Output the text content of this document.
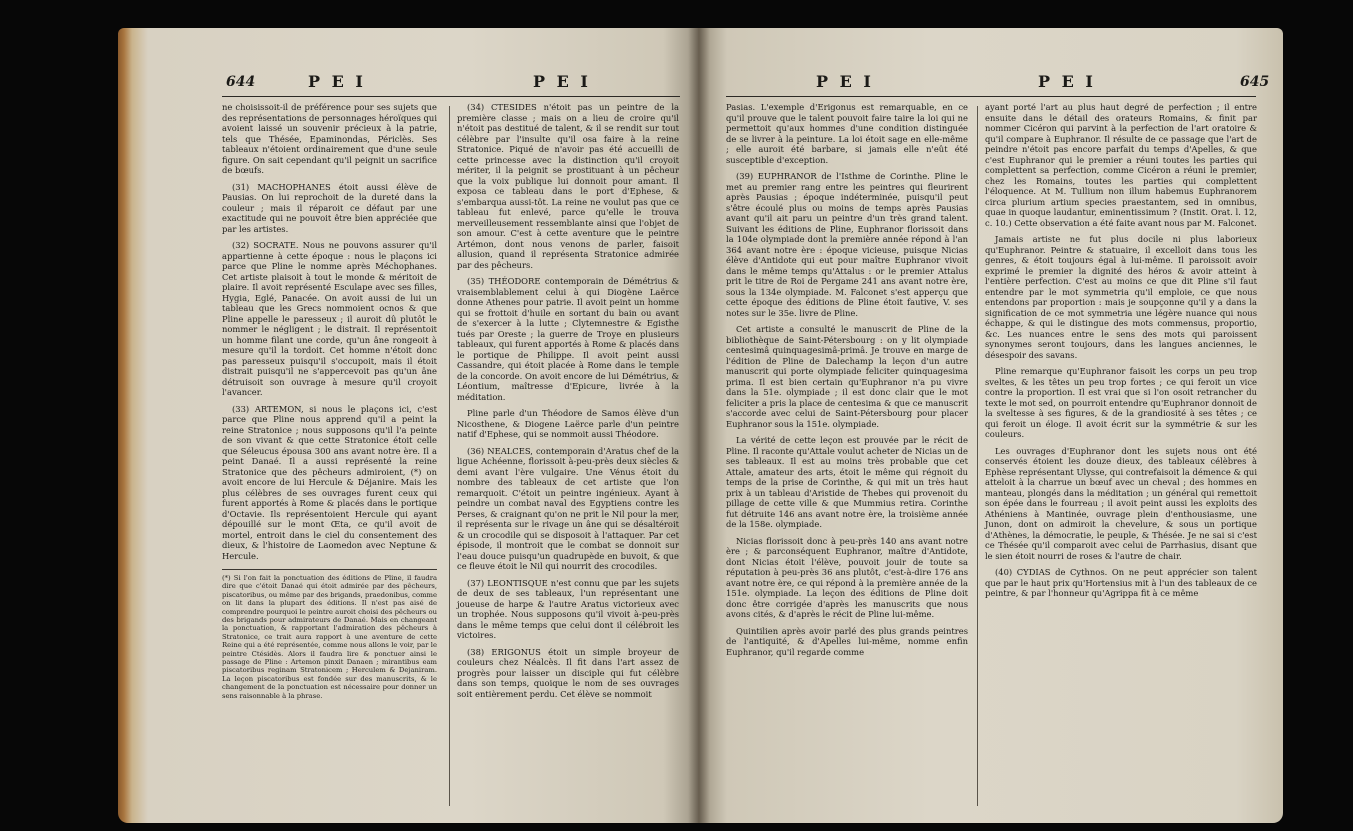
644	P E I	P E I

ne choisissoit-il de préférence pour ses sujets que des représentations de personnages héroïques qui avoient laissé un souvenir précieux à la patrie, tels que Thésée, Epaminondas, Périclès. Ses tableaux n'étoient ordinairement que d'une seule figure. On sait cependant qu'il peignit un sacrifice de bœufs.

(31) MACHOPHANES étoit aussi élève de Pausias. On lui reprochoit de la dureté dans la couleur ; mais il réparoit ce défaut par une exactitude qui ne pouvoit être bien appréciée que par les artistes.

(32) SOCRATE. Nous ne pouvons assurer qu'il appartienne à cette époque : nous le plaçons ici parce que Pline le nomme après Méchophanes. Cet artiste plaisoit à tout le monde & méritoit de plaire. Il avoit représenté Esculape avec ses filles, Hygia, Eglé, Panacée. On avoit aussi de lui un tableau que les Grecs nommoient ocnos & que Pline appelle le paresseux ; il auroit dû plutôt le nommer le négligent ; le distrait. Il représentoit un homme filant une corde, qu'un âne rongeoit à mesure qu'il la tordoit. Cet homme n'étoit donc pas paresseux puisqu'il s'occupoit, mais il étoit distrait puisqu'il ne s'appercevoit pas qu'un âne détruisoit son ouvrage à mesure qu'il croyoit l'avancer.

(33) ARTEMON, si nous le plaçons ici, c'est parce que Pline nous apprend qu'il a peint la reine Stratonice ; nous supposons qu'il l'a peinte de son vivant & que cette Stratonice étoit celle que Séleucus épousa 300 ans avant notre ère. Il a peint Danaé. Il a aussi représenté la reine Stratonice que des pêcheurs admiroient, (*) on avoit encore de lui Hercule & Déjanire. Mais les plus célèbres de ses ouvrages furent ceux qui furent apportés à Rome & placés dans le portique d'Octavie. Ils représentoient Hercule qui ayant dépouillé sur le mont Œta, ce qu'il avoit de mortel, entroit dans le ciel du consentement des dieux, & l'histoire de Laomedon avec Neptune & Hercule.

(*) Si l'on fait la ponctuation des éditions de Pline, il faudra dire que c'étoit Danaé qui étoit admirée par des pêcheurs, piscatoribus, ou même par des brigands, praedonibus, comme on lit dans la plupart des éditions. Il n'est pas aisé de comprendre pourquoi le peintre auroit choisi des pêcheurs ou des brigands pour admirateurs de Danaé. Mais en changeant la ponctuation, & rapportant l'admiration des pêcheurs à Stratonice, ce trait aura rapport à une aventure de cette Reine qui a été représentée, comme nous allons le voir, par le peintre Ctésidès. Alors il faudra lire & ponctuer ainsi le passage de Pline : Artemon pinxit Danaen ; mirantibus eam piscatoribus reginam Stratonicem ; Herculem & Dejaniram. La leçon piscatoribus est fondée sur des manuscrits, & le changement de la ponctuation est nécessaire pour donner un sens raisonnable à la phrase.

(34) CTESIDES n'étoit pas un peintre de la première classe ; mais on a lieu de croire qu'il n'étoit pas destitué de talent, & il se rendit sur tout célèbre par l'insulte qu'il osa faire à la reine Stratonice. Piqué de n'avoir pas été accueilli de cette princesse avec la distinction qu'il croyoit mériter, il la peignit se prostituant à un pêcheur que la voix publique lui donnoit pour amant. Il exposa ce tableau dans le port d'Ephese, & s'embarqua aussi-tôt. La reine ne voulut pas que ce tableau fut enlevé, parce qu'elle le trouva merveilleusement ressemblante ainsi que l'objet de son amour. C'est à cette aventure que le peintre Artémon, dont nous venons de parler, faisoit allusion, quand il représenta Stratonice admirée par des pêcheurs.

(35) THÉODORE contemporain de Démétrius & vraisemblablement celui à qui Diogène Laërce donne Athenes pour patrie. Il avoit peint un homme qui se frottoit d'huile en sortant du bain ou avant de s'exercer à la lutte ; Clytemnestre & Egisthe tués par Oreste ; la guerre de Troye en plusieurs tableaux, qui furent apportés à Rome & placés dans le portique de Philippe. Il avoit peint aussi Cassandre, qui étoit placée à Rome dans le temple de la concorde. On avoit encore de lui Démétrius, & Léontium, maîtresse d'Epicure, livrée à la méditation.

Pline parle d'un Théodore de Samos élève d'un Nicosthene, & Diogene Laërce parle d'un peintre natif d'Ephese, qui se nommoit aussi Théodore.

(36) NEALCES, contemporain d'Aratus chef de la ligue Achéenne, florissoit à-peu-près deux siècles & demi avant l'ère vulgaire. Une Vénus étoit du nombre des tableaux de cet artiste que l'on remarquoit. C'étoit un peintre ingénieux. Ayant à peindre un combat naval des Egyptiens contre les Perses, & craignant qu'on ne prit le Nil pour la mer, il représenta sur le rivage un âne qui se désaltéroit & un crocodile qui se disposoit à l'attaquer. Par cet épisode, il montroit que le combat se donnoit sur l'eau douce puisqu'un quadrupède en buvoit, & que ce fleuve étoit le Nil qui nourrit des crocodiles.

(37) LEONTISQUE n'est connu que par les sujets de deux de ses tableaux, l'un représentant une joueuse de harpe & l'autre Aratus victorieux avec un trophée. Nous supposons qu'il vivoit à-peu-près dans le même temps que celui dont il célébroit les victoires.

(38) ERIGONUS étoit un simple broyeur de couleurs chez Néalcès. Il fit dans l'art assez de progrès pour laisser un disciple qui fut célèbre dans son temps, quoique le nom de ses ouvrages soit entièrement perdu. Cet élève se nommoit

P E I	P E I	645

Pasias. L'exemple d'Erigonus est remarquable, en ce qu'il prouve que le talent pouvoit faire taire la loi qui ne permettoit qu'aux hommes d'une condition distinguée de se livrer à la peinture. La loi étoit sage en elle-même ; elle auroit été barbare, si jamais elle n'eût été susceptible d'exception.

(39) EUPHRANOR de l'Isthme de Corinthe. Pline le met au premier rang entre les peintres qui fleurirent après Pausias ; époque indéterminée, puisqu'il peut s'être écoulé plus ou moins de temps après Pausias avant qu'il ait paru un peintre d'un très grand talent. Suivant les éditions de Pline, Euphranor florissoit dans la 104e olympiade dont la première année répond à l'an 364 avant notre ère : époque vicieuse, puisque Nicias élève d'Antidote qui eut pour maître Euphranor vivoit dans le même temps qu'Attalus : or le premier Attalus prit le titre de Roi de Pergame 241 ans avant notre ère, sous la 134e olympiade. M. Falconet s'est apperçu que cette époque des éditions de Pline étoit fautive, V. ses notes sur le 35e. livre de Pline.

Cet artiste a consulté le manuscrit de Pline de la bibliothèque de Saint-Pétersbourg : on y lit olympiade centesimâ quinquagesimâ-primâ. Je trouve en marge de l'édition de Pline de Dalechamp la leçon d'un autre manuscrit qui porte olympiade feliciter quinquagesima prima. Il est bien certain qu'Euphranor n'a pu vivre dans la 51e. olympiade ; il est donc clair que le mot feliciter a pris la place de centesima & que ce manuscrit s'accorde avec celui de Saint-Pétersbourg pour placer Euphranor sous la 151e. olympiade.

La vérité de cette leçon est prouvée par le récit de Pline. Il raconte qu'Attale voulut acheter de Nicias un de ses tableaux. Il est au moins très probable que cet Attale, amateur des arts, étoit le même qui régnoit du temps de la prise de Corinthe, & qui mit un très haut prix à un tableau d'Aristide de Thebes qui provenoit du pillage de cette ville & que Mummius retira. Corinthe fut détruite 146 ans avant notre ère, la troisième année de la 158e. olympiade.

Nicias florissoit donc à peu-près 140 ans avant notre ère ; & parconséquent Euphranor, maître d'Antidote, dont Nicias étoit l'élève, pouvoit jouir de toute sa réputation à peu-près 36 ans plutôt, c'est-à-dire 176 ans avant notre ère, ce qui répond à la première année de la 151e. olympiade. La leçon des éditions de Pline doit donc être corrigée d'après les manuscrits que nous avons cités, & d'après le récit de Pline lui-même.

Quintilien après avoir parlé des plus grands peintres de l'antiquité, & d'Apelles lui-même, nomme enfin Euphranor, qu'il regarde comme

ayant porté l'art au plus haut degré de perfection ; il entre ensuite dans le détail des orateurs Romains, & finit par nommer Cicéron qui parvint à la perfection de l'art oratoire & qu'il compare à Euphranor. Il résulte de ce passage que l'art de peindre n'étoit pas encore parfait du temps d'Apelles, & que c'est Euphranor qui le premier a réuni toutes les parties qui complettent sa perfection, comme Cicéron a réuni le premier, chez les Romains, toutes les parties qui complettent l'éloquence. At M. Tullium non illum habemus Euphranorem circa plurium artium species praestantem, sed in omnibus, quae in quoque laudantur, eminentissimum ? (Instit. Orat. l. 12, c. 10.) Cette observation a été faite avant nous par M. Falconet.

Jamais artiste ne fut plus docile ni plus laborieux qu'Euphranor. Peintre & statuaire, il excelloit dans tous les genres, & étoit toujours égal à lui-même. Il paroissoit avoir exprimé le premier la dignité des héros & avoir atteint à l'entière perfection. C'est au moins ce que dit Pline s'il faut entendre par le mot symmetria qu'il emploie, ce que nous entendons par proportion : mais je soupçonne qu'il y a dans la signification de ce mot symmetria une légère nuance qui nous échappe, & qui le distingue des mots commensus, proportio, &c. Les nuances entre le sens des mots qui paroissent synonymes seront toujours, dans les langues anciennes, le désespoir des savans.

Pline remarque qu'Euphranor faisoit les corps un peu trop sveltes, & les têtes un peu trop fortes ; ce qui feroit un vice contre la proportion. Il est vrai que si l'on osoit retrancher du texte le mot sed, on pourroit entendre qu'Euphranor donnoit de la sveltesse à ses figures, & de la grandiosité à ses têtes ; ce qui feroit un éloge. Il avoit écrit sur la symmétrie & sur les couleurs.

Les ouvrages d'Euphranor dont les sujets nous ont été conservés étoient les douze dieux, des tableaux célèbres à Ephèse représentant Ulysse, qui contrefaisoit la démence & qui atteloit à la charrue un bœuf avec un cheval ; des hommes en manteau, plongés dans la méditation ; un général qui remettoit son épée dans le fourreau ; il avoit peint aussi les exploits des Athéniens à Mantinée, ouvrage plein d'enthousiasme, une Junon, dont on admiroit la chevelure, & sous un portique d'Athènes, la démocratie, le peuple, & Thésée. Je ne sai si c'est ce Thésée qu'il comparoit avec celui de Parrhasius, disant que le sien étoit nourri de roses & l'autre de chair.

(40) CYDIAS de Cythnos. On ne peut apprécier son talent que par le haut prix qu'Hortensius mit à l'un des tableaux de ce peintre, & par l'honneur qu'Agrippa fit à ce même
